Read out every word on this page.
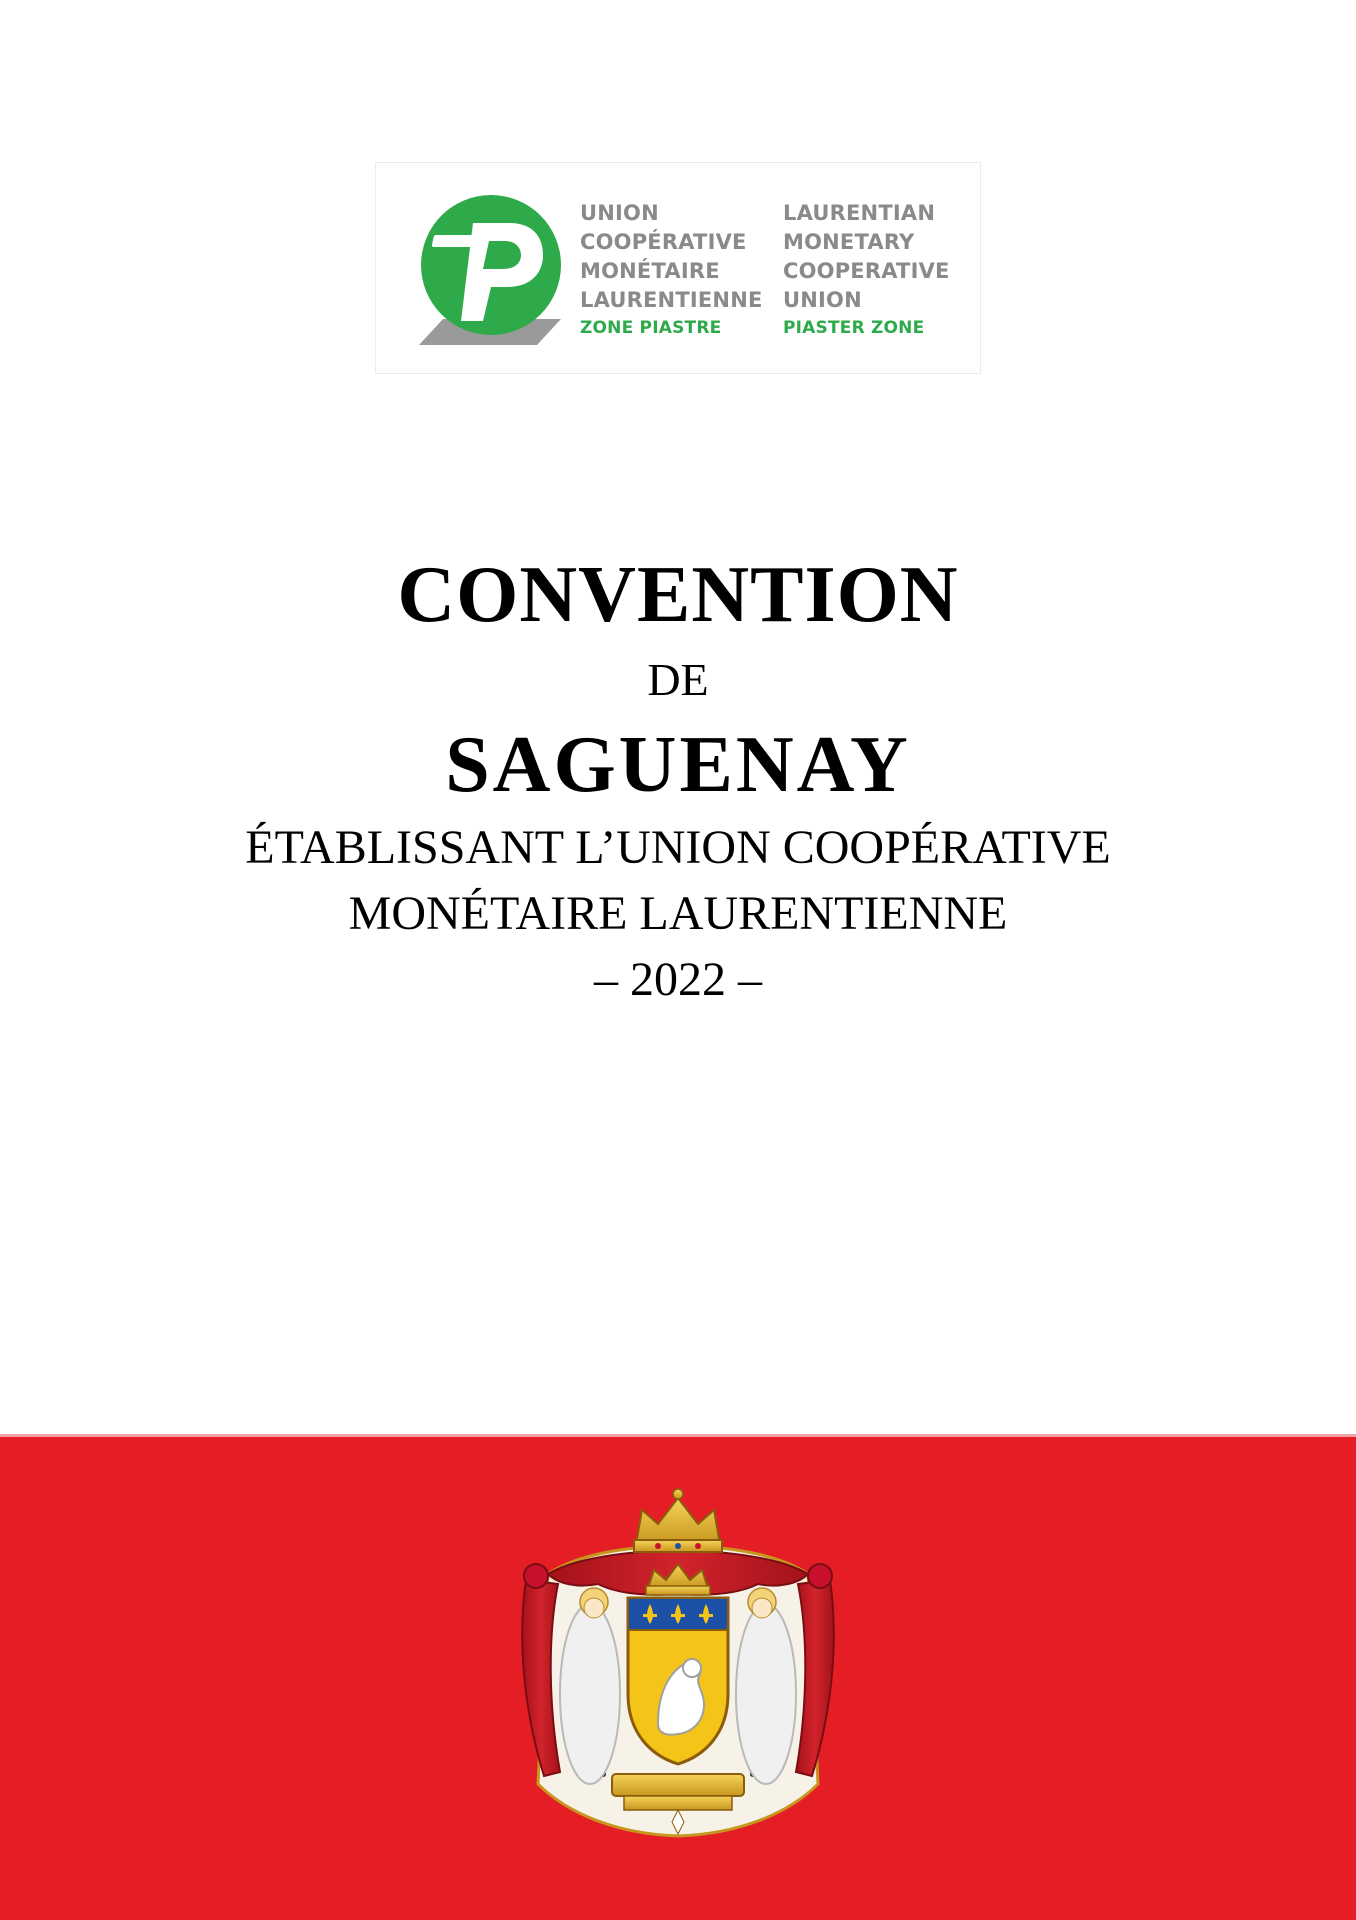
UNION
COOPÉRATIVE
MONÉTAIRE
LAURENTIENNE
ZONE PIASTRE
LAURENTIAN
MONETARY
COOPERATIVE
UNION
PIASTER ZONE
CONVENTION
DE
SAGUENAY
ÉTABLISSANT L’UNION COOPÉRATIVE
MONÉTAIRE LAURENTIENNE
– 2022 –
